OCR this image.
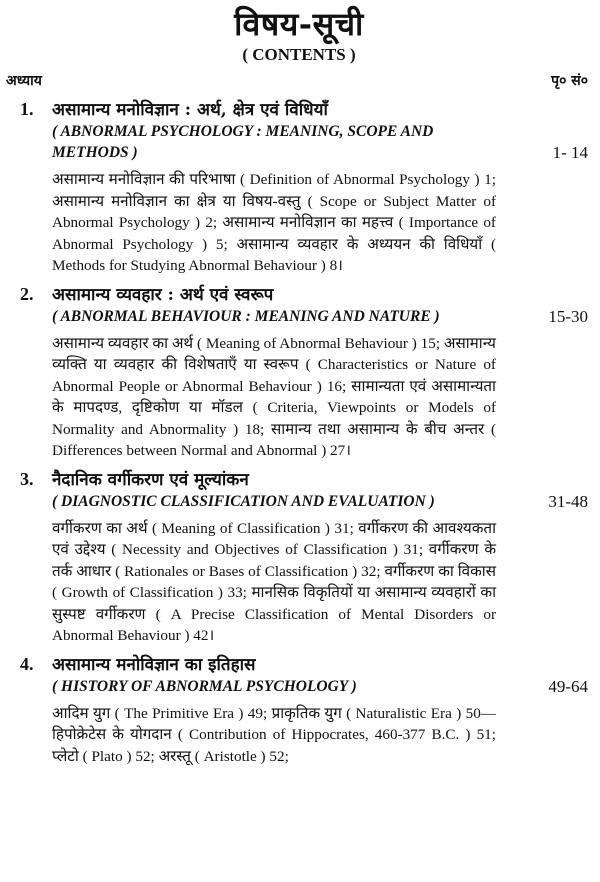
विषय-सूची
( CONTENTS )
अध्याय	पृ० सं०
1.	असामान्य मनोविज्ञान : अर्थ, क्षेत्र एवं विधियाँ
( ABNORMAL PSYCHOLOGY : MEANING, SCOPE AND METHODS )	1- 14
असामान्य मनोविज्ञान की परिभाषा ( Definition of Abnormal Psychology ) 1; असामान्य मनोविज्ञान का क्षेत्र या विषय-वस्तु ( Scope or Subject Matter of Abnormal Psychology ) 2; असामान्य मनोविज्ञान का महत्त्व ( Importance of Abnormal Psychology ) 5; असामान्य व्यवहार के अध्ययन की विधियाँ ( Methods for Studying Abnormal Behaviour ) 8।
2.	असामान्य व्यवहार : अर्थ एवं स्वरूप
( ABNORMAL BEHAVIOUR : MEANING AND NATURE )	15-30
असामान्य व्यवहार का अर्थ ( Meaning of Abnormal Behaviour ) 15; असामान्य व्यक्ति या व्यवहार की विशेषताएँ या स्वरूप ( Characteristics or Nature of Abnormal People or Abnormal Behaviour ) 16; सामान्यता एवं असामान्यता के मापदण्ड, दृष्टिकोण या मॉडल ( Criteria, Viewpoints or Models of Normality and Abnormality ) 18; सामान्य तथा असामान्य के बीच अन्तर ( Differences between Normal and Abnormal ) 27।
3.	नैदानिक वर्गीकरण एवं मूल्यांकन
( DIAGNOSTIC CLASSIFICATION AND EVALUATION )	31-48
वर्गीकरण का अर्थ ( Meaning of Classification ) 31; वर्गीकरण की आवश्यकता एवं उद्देश्य ( Necessity and Objectives of Classification ) 31; वर्गीकरण के तर्क आधार ( Rationales or Bases of Classification ) 32; वर्गीकरण का विकास ( Growth of Classification ) 33; मानसिक विकृतियों या असामान्य व्यवहारों का सुस्पष्ट वर्गीकरण ( A Precise Classification of Mental Disorders or Abnormal Behaviour ) 42।
4.	असामान्य मनोविज्ञान का इतिहास
( HISTORY OF ABNORMAL PSYCHOLOGY )	49-64
आदिम युग ( The Primitive Era ) 49; प्राकृतिक युग ( Naturalistic Era ) 50—हिपोक्रेटेस के योगदान ( Contribution of Hippocrates, 460-377 B.C. ) 51; प्लेटो ( Plato ) 52; अरस्तू ( Aristotle ) 52;
